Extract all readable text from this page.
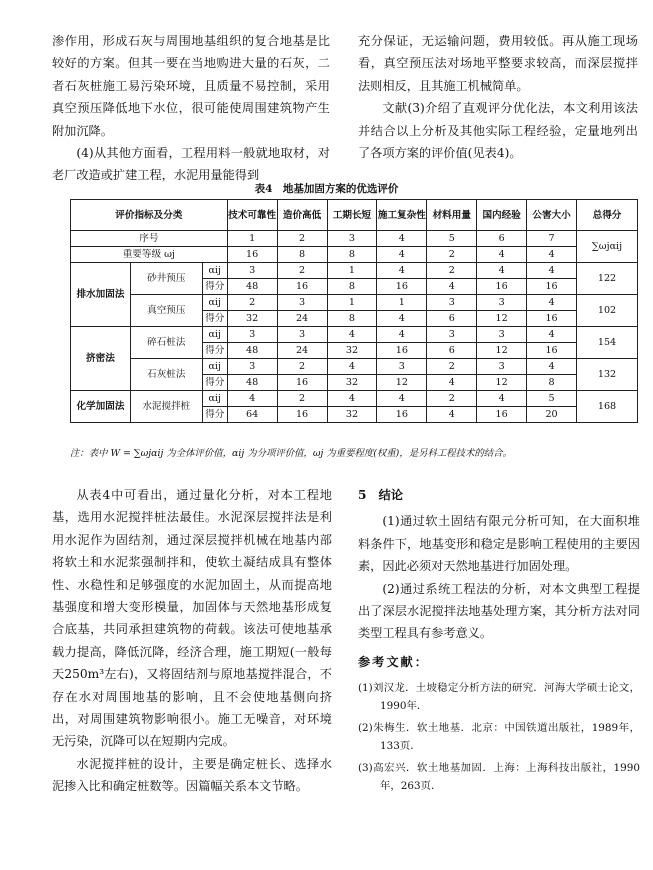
渗作用，形成石灰与周围地基组织的复合地基是比较好的方案。但其一要在当地购进大量的石灰，二者石灰桩施工易污染环境，且质量不易控制，采用真空预压降低地下水位，很可能使周围建筑物产生附加沉降。

(4)从其他方面看，工程用料一般就地取材，对老厂改造或扩建工程，水泥用量能得到

充分保证，无运输问题，费用较低。再从施工现场看，真空预压法对场地平整要求较高，而深层搅拌法则相反，且其施工机械简单。

文献(3)介绍了直观评分优化法，本文利用该法并结合以上分析及其他实际工程经验，定量地列出了各项方案的评价值(见表4)。

表4　地基加固方案的优选评价
评价指标及分类			技术可靠性	造价高低	工期长短	施工复杂性	材料用量	国内经验	公害大小	总得分
序号			1	2	3	4	5	6	7	∑ωjαij
重要等级 ωj			16	8	8	4	2	4	4	
排水加固法	砂井预压	αij	3	2	1	4	2	4	4	122
		得分	48	16	8	16	4	16	16	
	真空预压	αij	2	3	1	1	3	3	4	102
		得分	32	24	8	4	6	12	16	
挤密法	碎石桩法	αij	3	3	4	4	3	3	4	154
		得分	48	24	32	16	6	12	16	
	石灰桩法	αij	3	2	4	3	2	3	4	132
		得分	48	16	32	12	4	12	8	
化学加固法	水泥搅拌桩	αij	4	2	4	4	2	4	5	168
		得分	64	16	32	16	4	16	20	
注：表中 W = ∑ωjαij 为全体评价值，αij 为分项评价值，ωj 为重要程度(权重)，是另科工程技术的结合。

从表4中可看出，通过量化分析，对本工程地基，选用水泥搅拌桩法最佳。水泥深层搅拌法是利用水泥作为固结剂，通过深层搅拌机械在地基内部将软土和水泥浆强制拌和，使软土凝结成具有整体性、水稳性和足够强度的水泥加固土，从而提高地基强度和增大变形模量，加固体与天然地基形成复合底基，共同承担建筑物的荷载。该法可使地基承载力提高，降低沉降，经济合理，施工期短(一般每天250m³左右)，又将固结剂与原地基搅拌混合，不存在水对周围地基的影响，且不会使地基侧向挤出，对周围建筑物影响很小。施工无噪音，对环境无污染，沉降可以在短期内完成。

水泥搅拌桩的设计，主要是确定桩长、选择水泥掺入比和确定桩数等。因篇幅关系本文节略。

5　结论

(1)通过软土固结有限元分析可知，在大面积堆料条件下，地基变形和稳定是影响工程使用的主要因素，因此必须对天然地基进行加固处理。

(2)通过系统工程法的分析，对本文典型工程提出了深层水泥搅拌法地基处理方案，其分析方法对同类型工程具有参考意义。

参考文献：

(1)刘汉龙．土坡稳定分析方法的研究．河海大学硕士论文，1990年．

(2)朱梅生．软土地基．北京：中国铁道出版社，1989年，133页．

(3)高宏兴．软土地基加固．上海：上海科技出版社，1990年，263页．
